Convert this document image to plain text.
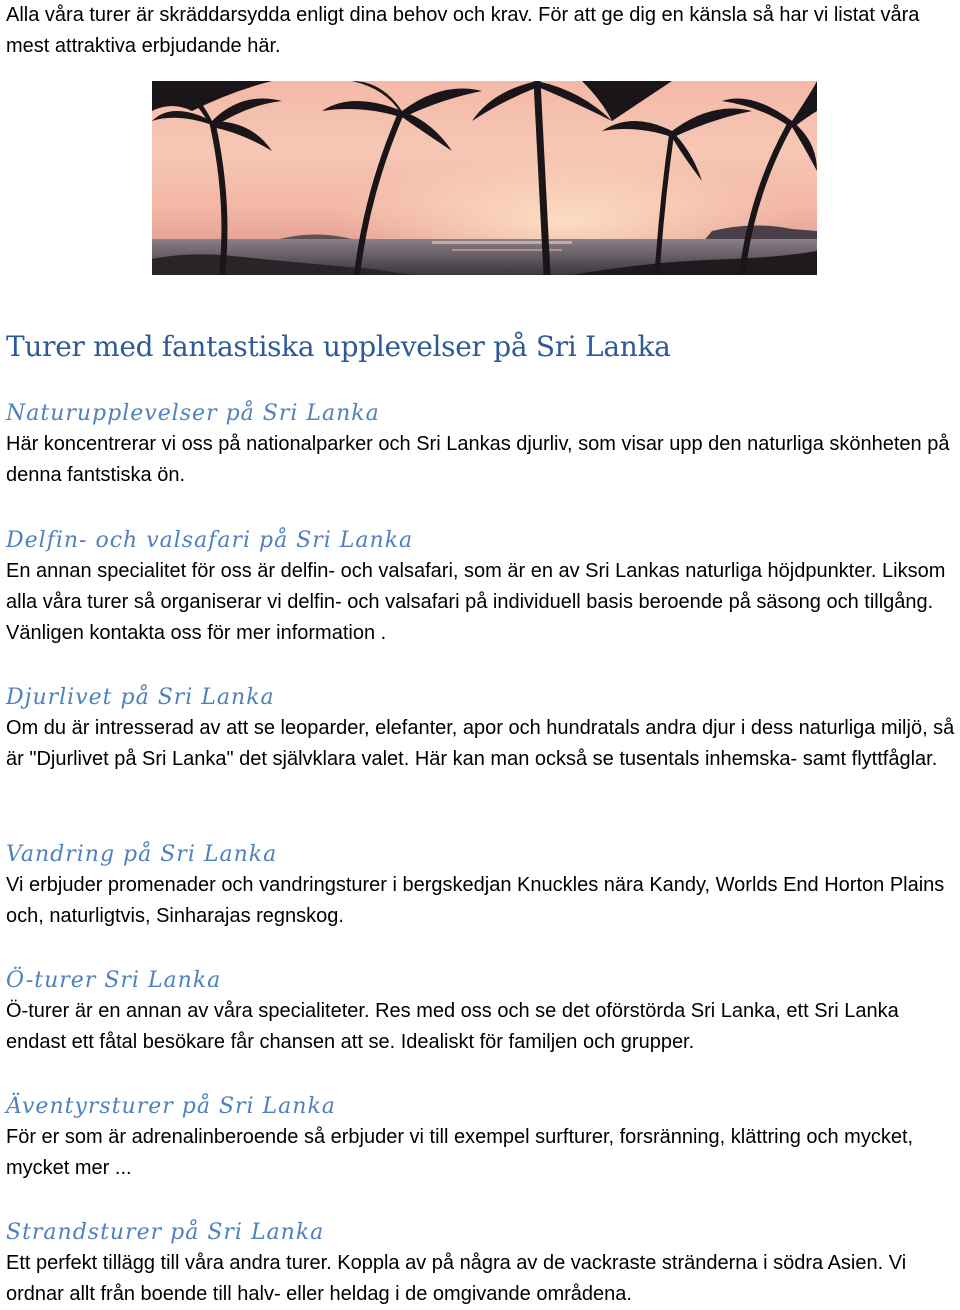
Alla våra turer är skräddarsydda enligt dina behov och krav. För att ge dig en känsla så har vi listat våra mest attraktiva erbjudande här.

Turer med fantastiska upplevelser på Sri Lanka
Naturupplevelser på Sri Lanka

Här koncentrerar vi oss på nationalparker och Sri Lankas djurliv, som visar upp den naturliga skönheten på denna fantstiska ön.

Delfin- och valsafari på Sri Lanka

En annan specialitet för oss är delfin- och valsafari, som är en av Sri Lankas naturliga höjdpunkter. Liksom alla våra turer så organiserar vi delfin- och valsafari på individuell basis beroende på säsong och tillgång. Vänligen kontakta oss för mer information .

Djurlivet på Sri Lanka

Om du är intresserad av att se leoparder, elefanter, apor och hundratals andra djur i dess naturliga miljö, så är "Djurlivet på Sri Lanka" det självklara valet. Här kan man också se tusentals inhemska- samt flyttfåglar.

Vandring på Sri Lanka

Vi erbjuder promenader och vandringsturer i bergskedjan Knuckles nära Kandy, Worlds End Horton Plains och, naturligtvis, Sinharajas regnskog.

Ö-turer Sri Lanka

Ö-turer är en annan av våra specialiteter. Res med oss och se det oförstörda Sri Lanka, ett Sri Lanka endast ett fåtal besökare får chansen att se. Idealiskt för familjen och grupper.

Äventyrsturer på Sri Lanka

För er som är adrenalinberoende så erbjuder vi till exempel surfturer, forsränning, klättring och mycket, mycket mer ...

Strandsturer på Sri Lanka

Ett perfekt tillägg till våra andra turer. Koppla av på några av de vackraste stränderna i södra Asien. Vi ordnar allt från boende till halv- eller heldag i de omgivande områdena.
